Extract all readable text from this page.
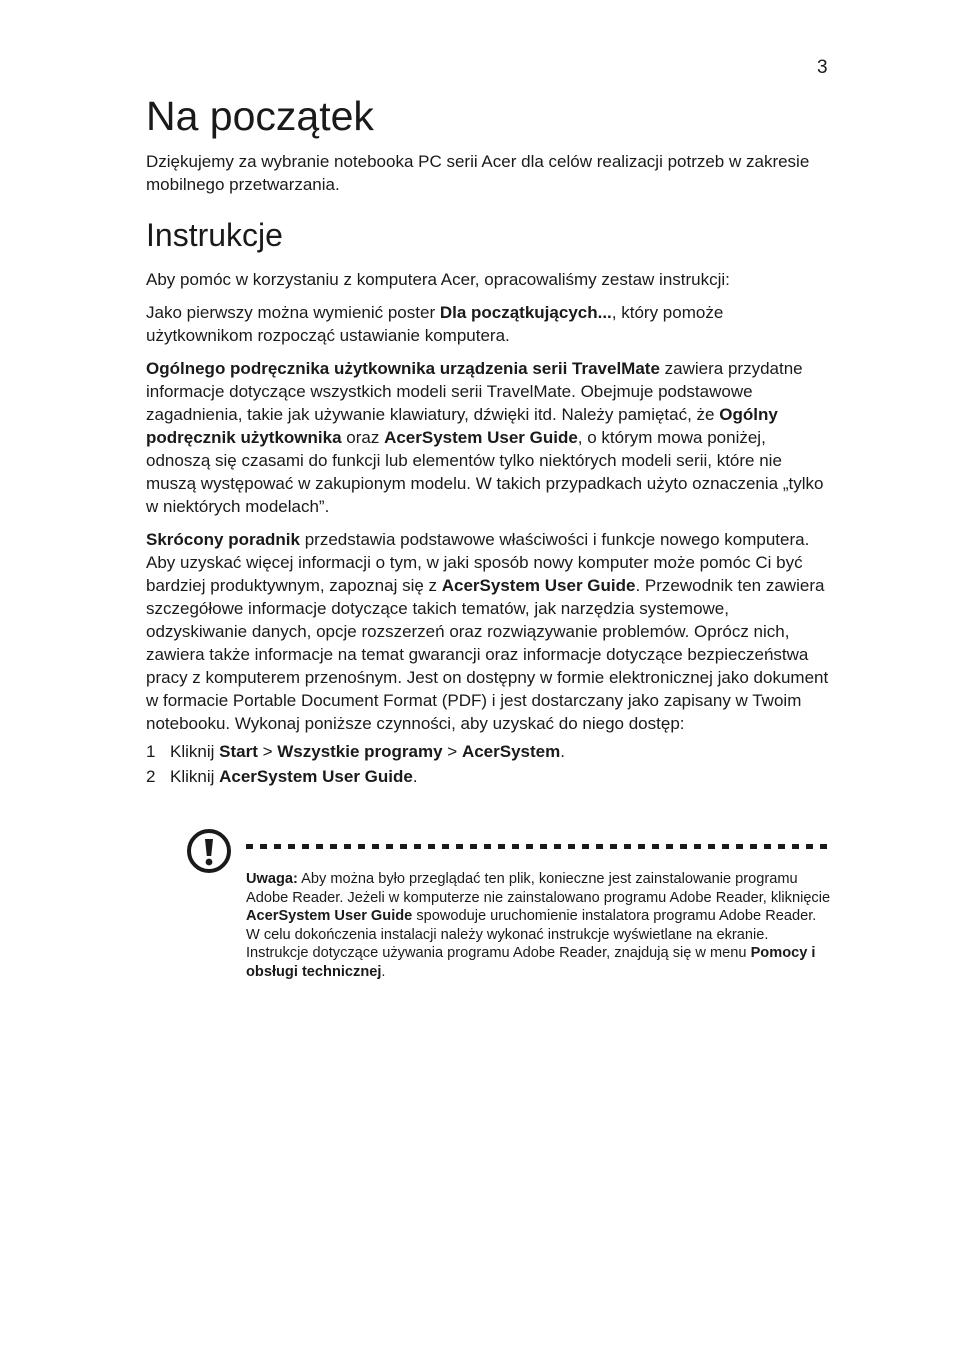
3
Na początek

Dziękujemy za wybranie notebooka PC serii Acer dla celów realizacji potrzeb w zakresie mobilnego przetwarzania.

Instrukcje

Aby pomóc w korzystaniu z komputera Acer, opracowaliśmy zestaw instrukcji:

Jako pierwszy można wymienić poster Dla początkujących..., który pomoże użytkownikom rozpocząć ustawianie komputera.

Ogólnego podręcznika użytkownika urządzenia serii TravelMate zawiera przydatne informacje dotyczące wszystkich modeli serii TravelMate. Obejmuje podstawowe zagadnienia, takie jak używanie klawiatury, dźwięki itd. Należy pamiętać, że Ogólny podręcznik użytkownika oraz AcerSystem User Guide, o którym mowa poniżej, odnoszą się czasami do funkcji lub elementów tylko niektórych modeli serii, które nie muszą występować w zakupionym modelu. W takich przypadkach użyto oznaczenia „tylko w niektórych modelach”.

Skrócony poradnik przedstawia podstawowe właściwości i funkcje nowego komputera. Aby uzyskać więcej informacji o tym, w jaki sposób nowy komputer może pomóc Ci być bardziej produktywnym, zapoznaj się z AcerSystem User Guide. Przewodnik ten zawiera szczegółowe informacje dotyczące takich tematów, jak narzędzia systemowe, odzyskiwanie danych, opcje rozszerzeń oraz rozwiązywanie problemów. Oprócz nich, zawiera także informacje na temat gwarancji oraz informacje dotyczące bezpieczeństwa pracy z komputerem przenośnym. Jest on dostępny w formie elektronicznej jako dokument w formacie Portable Document Format (PDF) i jest dostarczany jako zapisany w Twoim notebooku. Wykonaj poniższe czynności, aby uzyskać do niego dostęp:

1 Kliknij Start > Wszystkie programy > AcerSystem.
2 Kliknij AcerSystem User Guide.

Uwaga: Aby można było przeglądać ten plik, konieczne jest zainstalowanie programu Adobe Reader. Jeżeli w komputerze nie zainstalowano programu Adobe Reader, kliknięcie AcerSystem User Guide spowoduje uruchomienie instalatora programu Adobe Reader. W celu dokończenia instalacji należy wykonać instrukcje wyświetlane na ekranie. Instrukcje dotyczące używania programu Adobe Reader, znajdują się w menu Pomocy i obsługi technicznej.
